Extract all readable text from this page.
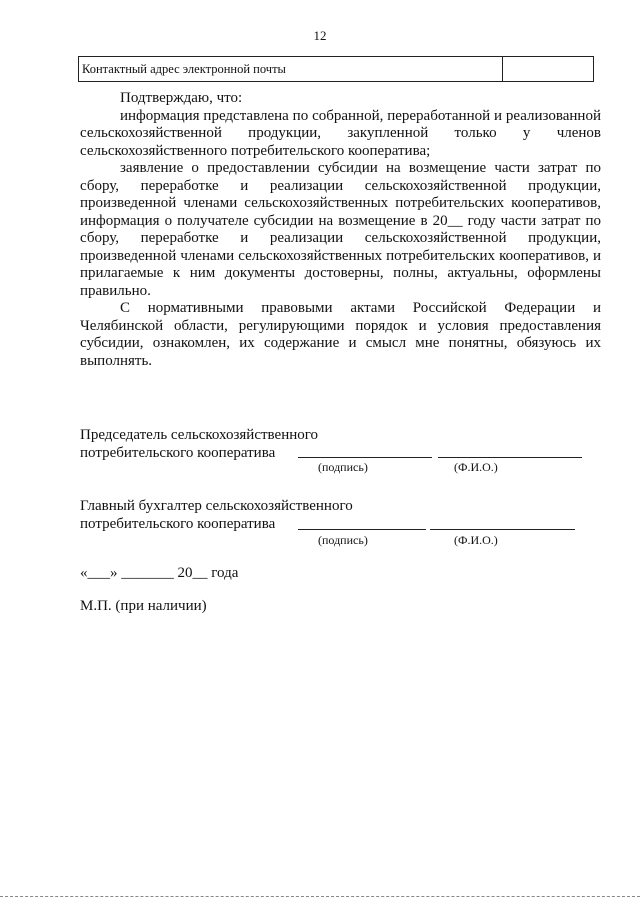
12
Контактный адрес электронной почты

Подтверждаю, что:

информация представлена по собранной, переработанной и реализованной сельскохозяйственной продукции, закупленной только у членов сельскохозяйственного потребительского кооператива;

заявление о предоставлении субсидии на возмещение части затрат по сбору, переработке и реализации сельскохозяйственной продукции, произведенной членами сельскохозяйственных потребительских кооперативов, информация о получателе субсидии на возмещение в 20__ году части затрат по сбору, переработке и реализации сельскохозяйственной продукции, произведенной членами сельскохозяйственных потребительских кооперативов, и прилагаемые к ним документы достоверны, полны, актуальны, оформлены правильно.

С нормативными правовыми актами Российской Федерации и Челябинской области, регулирующими порядок и условия предоставления субсидии, ознакомлен, их содержание и смысл мне понятны, обязуюсь их выполнять.

Председатель сельскохозяйственного
потребительского кооператива
(подпись)	(Ф.И.О.)
Главный бухгалтер сельскохозяйственного
потребительского кооператива
(подпись)	(Ф.И.О.)
«___» _______ 20__ года
М.П. (при наличии)
